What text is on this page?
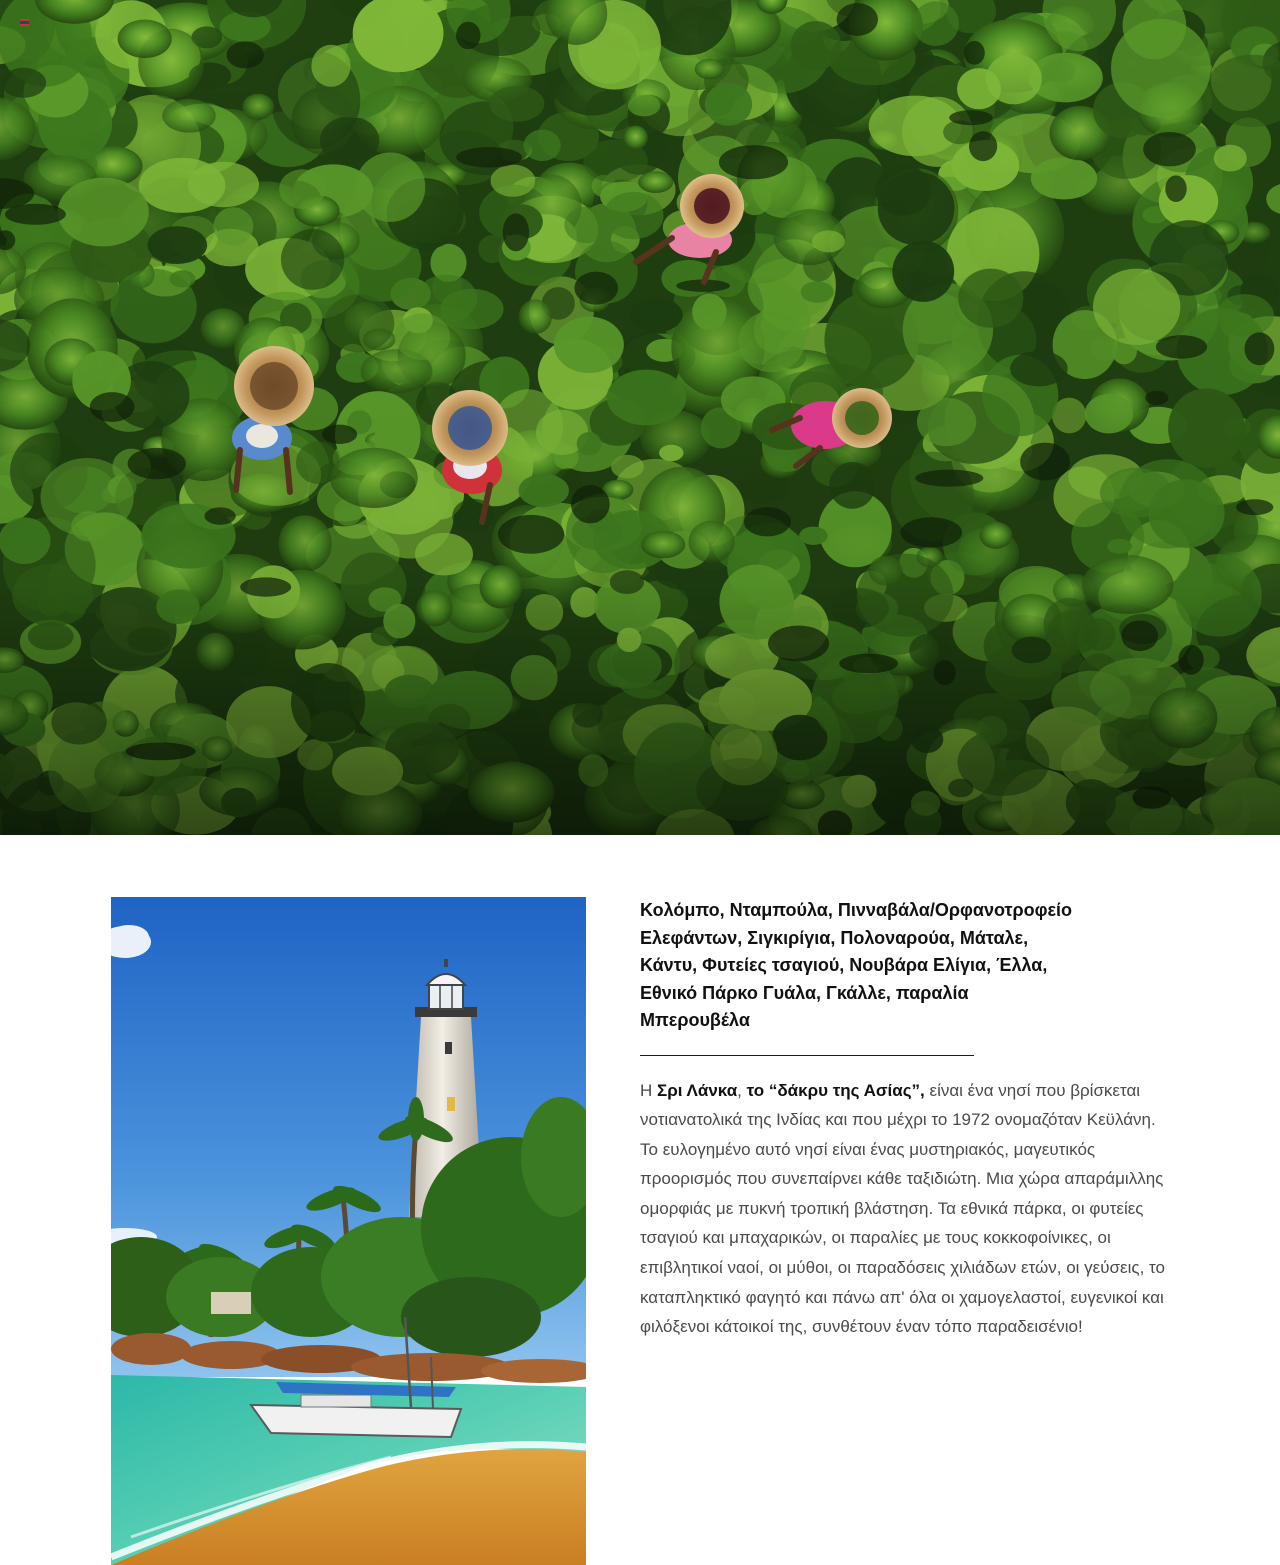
Κολόμπο, Νταμπούλα, Πινναβάλα/Ορφανοτροφείο Ελεφάντων, Σιγκιρίγια, Πολοναρούα, Μάταλε, Κάντυ, Φυτείες τσαγιού, Νουβάρα Ελίγια, Έλλα, Εθνικό Πάρκο Γυάλα, Γκάλλε, παραλία Μπερουβέλα

Η Σρι Λάνκα, το “δάκρυ της Ασίας”, είναι ένα νησί που βρίσκεται νοτιανατολικά της Ινδίας και που μέχρι το 1972 ονομαζόταν Κεϋλάνη. Το ευλογημένο αυτό νησί είναι ένας μυστηριακός, μαγευτικός προορισμός που συνεπαίρνει κάθε ταξιδιώτη. Μια χώρα απαράμιλλης ομορφιάς με πυκνή τροπική βλάστηση. Τα εθνικά πάρκα, οι φυτείες τσαγιού και μπαχαρικών, οι παραλίες με τους κοκκοφοίνικες, οι επιβλητικοί ναοί, οι μύθοι, οι παραδόσεις χιλιάδων ετών, οι γεύσεις, το καταπληκτικό φαγητό και πάνω απ' όλα οι χαμογελαστοί, ευγενικοί και φιλόξενοι κάτοικοί της, συνθέτουν έναν τόπο παραδεισένιο!
